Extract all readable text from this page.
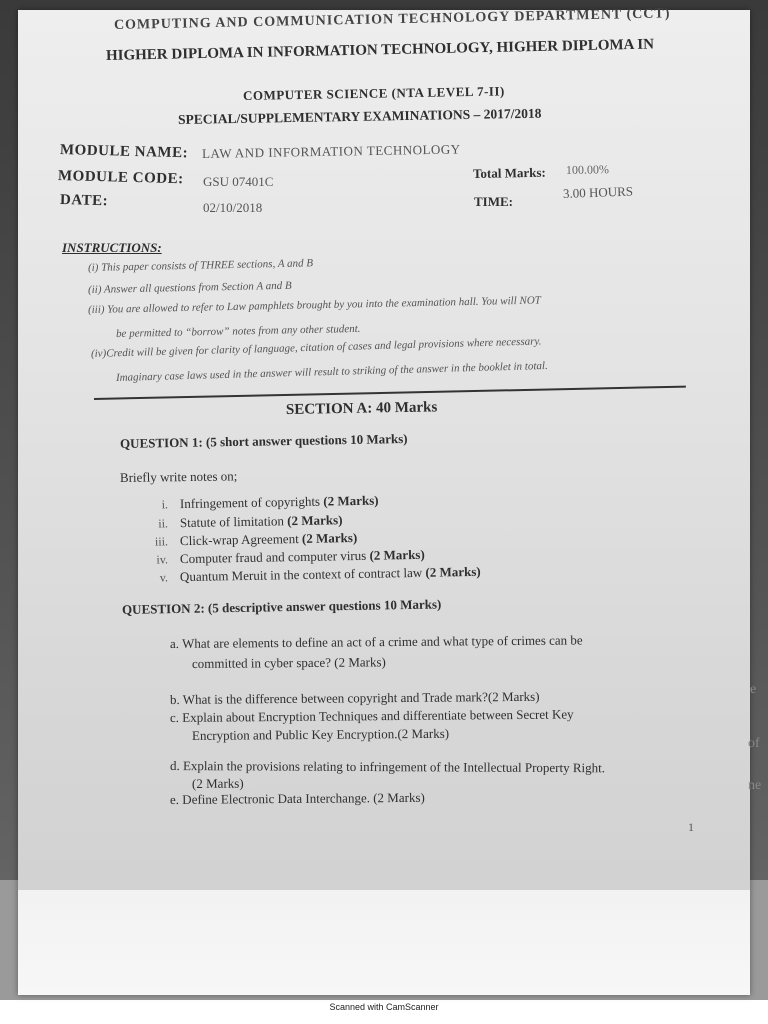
COMPUTING AND COMMUNICATION TECHNOLOGY DEPARTMENT (CCT)
HIGHER DIPLOMA IN INFORMATION TECHNOLOGY, HIGHER DIPLOMA IN
COMPUTER SCIENCE (NTA LEVEL 7-II)
SPECIAL/SUPPLEMENTARY EXAMINATIONS – 2017/2018
MODULE NAME: LAW AND INFORMATION TECHNOLOGY
MODULE CODE: GSU 07401C
Total Marks: 100.00%
DATE:	02/10/2018	TIME:
3.00 HOURS
INSTRUCTIONS:
(i) This paper consists of THREE sections, A and B
(ii) Answer all questions from Section A and B
(iii) You are allowed to refer to Law pamphlets brought by you into the examination hall. You will NOT
be permitted to “borrow” notes from any other student.
(iv)Credit will be given for clarity of language, citation of cases and legal provisions where necessary.
Imaginary case laws used in the answer will result to striking of the answer in the booklet in total.
SECTION A: 40 Marks
QUESTION 1: (5 short answer questions 10 Marks)
Briefly write notes on;
i. Infringement of copyrights (2 Marks)
ii. Statute of limitation (2 Marks)
iii. Click-wrap Agreement (2 Marks)
iv. Computer fraud and computer virus (2 Marks)
v. Quantum Meruit in the context of contract law (2 Marks)
QUESTION 2: (5 descriptive answer questions 10 Marks)
a. What are elements to define an act of a crime and what type of crimes can be
committed in cyber space? (2 Marks)
b. What is the difference between copyright and Trade mark?(2 Marks)
c. Explain about Encryption Techniques and differentiate between Secret Key
Encryption and Public Key Encryption.(2 Marks)
d. Explain the provisions relating to infringement of the Intellectual Property Right.
(2 Marks)
e. Define Electronic Data Interchange. (2 Marks)
1
e
of
ne
Scanned with CamScanner
